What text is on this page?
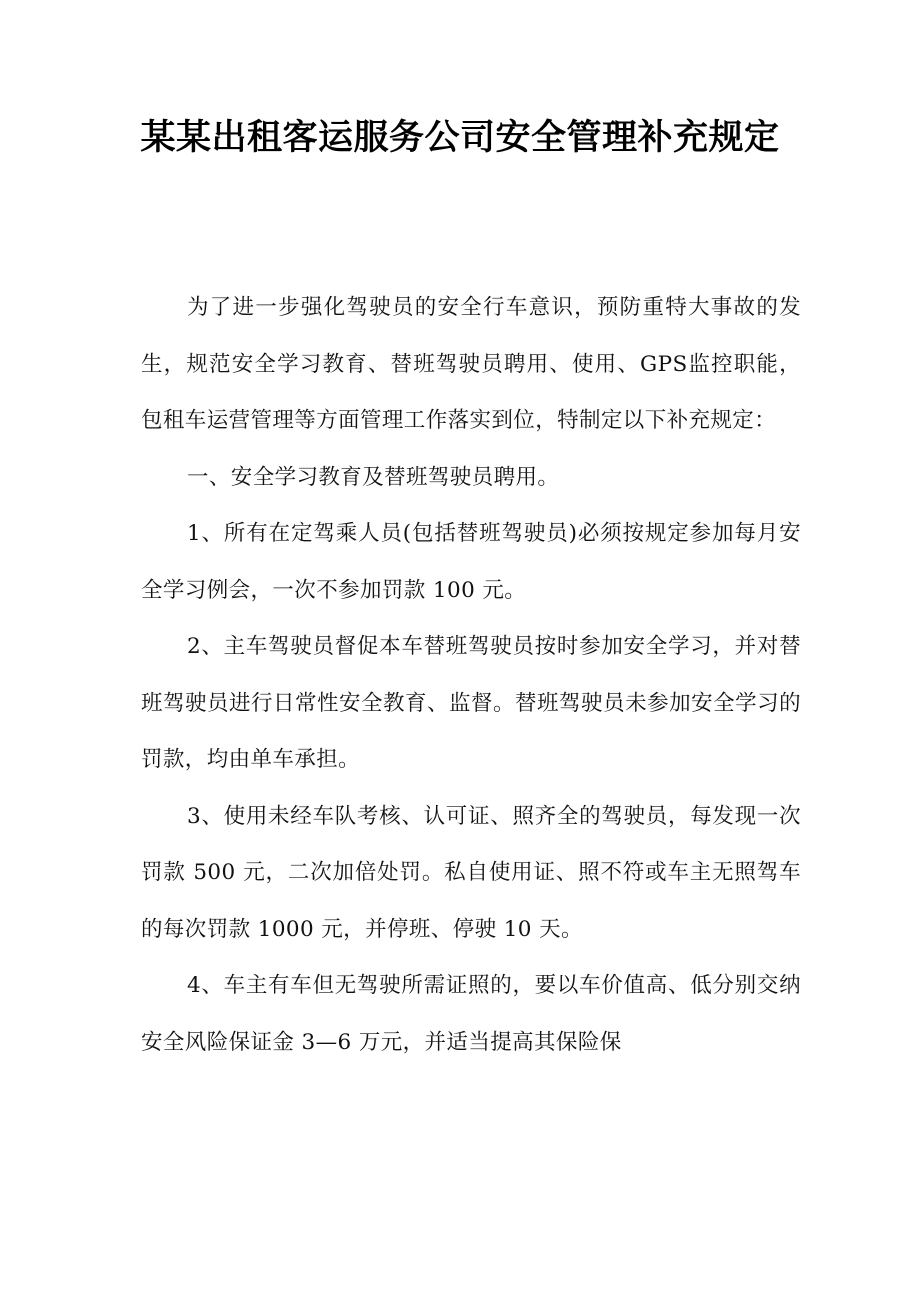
某某出租客运服务公司安全管理补充规定

为了进一步强化驾驶员的安全行车意识，预防重特大事故的发生，规范安全学习教育、替班驾驶员聘用、使用、GPS监控职能，包租车运营管理等方面管理工作落实到位，特制定以下补充规定：

一、安全学习教育及替班驾驶员聘用。

1、所有在定驾乘人员(包括替班驾驶员)必须按规定参加每月安全学习例会，一次不参加罚款 100 元。

2、主车驾驶员督促本车替班驾驶员按时参加安全学习，并对替班驾驶员进行日常性安全教育、监督。替班驾驶员未参加安全学习的罚款，均由单车承担。

3、使用未经车队考核、认可证、照齐全的驾驶员，每发现一次罚款 500 元，二次加倍处罚。私自使用证、照不符或车主无照驾车的每次罚款 1000 元，并停班、停驶 10 天。

4、车主有车但无驾驶所需证照的，要以车价值高、低分别交纳安全风险保证金 3—6 万元，并适当提高其保险保
